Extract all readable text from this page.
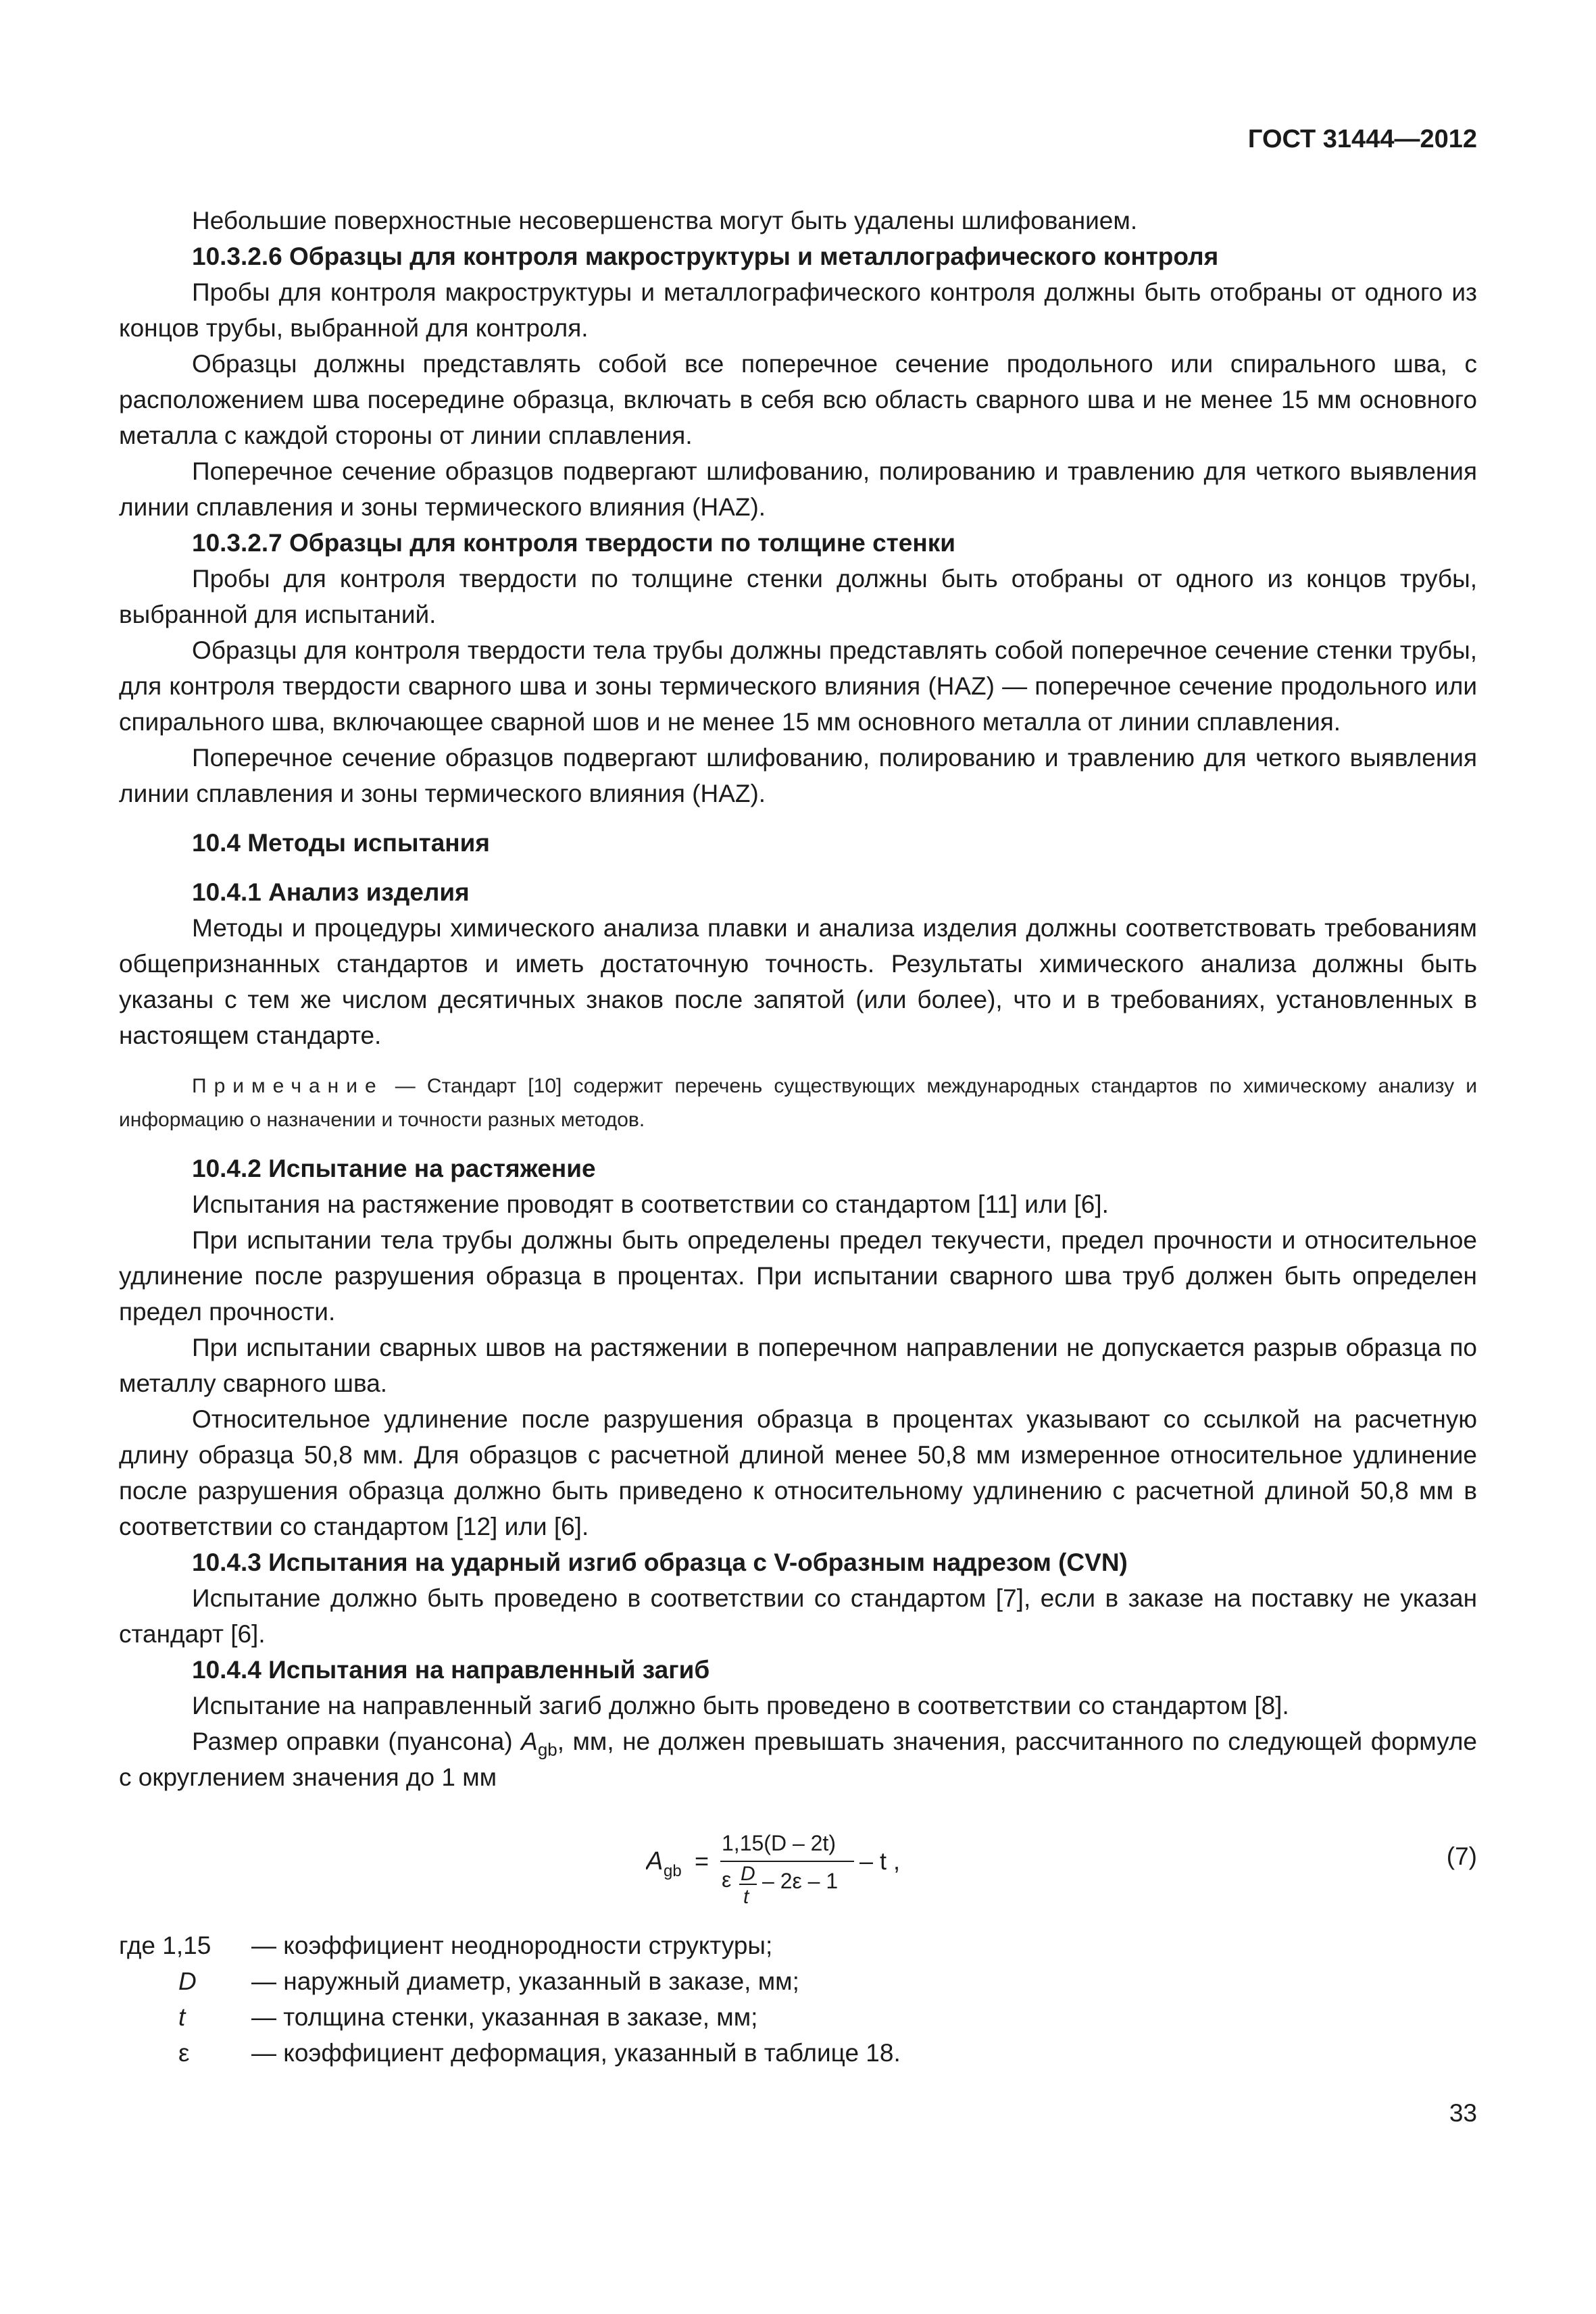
ГОСТ 31444—2012

Небольшие поверхностные несовершенства могут быть удалены шлифованием.

10.3.2.6 Образцы для контроля макроструктуры и металлографического контроля

Пробы для контроля макроструктуры и металлографического контроля должны быть отобраны от одного из концов трубы, выбранной для контроля.

Образцы должны представлять собой все поперечное сечение продольного или спирального шва, с расположением шва посередине образца, включать в себя всю область сварного шва и не менее 15 мм основного металла с каждой стороны от линии сплавления.

Поперечное сечение образцов подвергают шлифованию, полированию и травлению для четкого выявления линии сплавления и зоны термического влияния (HAZ).

10.3.2.7 Образцы для контроля твердости по толщине стенки

Пробы для контроля твердости по толщине стенки должны быть отобраны от одного из концов трубы, выбранной для испытаний.

Образцы для контроля твердости тела трубы должны представлять собой поперечное сечение стенки трубы, для контроля твердости сварного шва и зоны термического влияния (HAZ) — поперечное сечение продольного или спирального шва, включающее сварной шов и не менее 15 мм основного металла от линии сплавления.

Поперечное сечение образцов подвергают шлифованию, полированию и травлению для четкого выявления линии сплавления и зоны термического влияния (HAZ).

10.4 Методы испытания

10.4.1 Анализ изделия

Методы и процедуры химического анализа плавки и анализа изделия должны соответствовать требованиям общепризнанных стандартов и иметь достаточную точность. Результаты химического анализа должны быть указаны с тем же числом десятичных знаков после запятой (или более), что и в требованиях, установленных в настоящем стандарте.

Примечание — Стандарт [10] содержит перечень существующих международных стандартов по химическому анализу и информацию о назначении и точности разных методов.

10.4.2 Испытание на растяжение

Испытания на растяжение проводят в соответствии со стандартом [11] или [6].

При испытании тела трубы должны быть определены предел текучести, предел прочности и относительное удлинение после разрушения образца в процентах. При испытании сварного шва труб должен быть определен предел прочности.

При испытании сварных швов на растяжении в поперечном направлении не допускается разрыв образца по металлу сварного шва.

Относительное удлинение после разрушения образца в процентах указывают со ссылкой на расчетную длину образца 50,8 мм. Для образцов с расчетной длиной менее 50,8 мм измеренное относительное удлинение после разрушения образца должно быть приведено к относительному удлинению с расчетной длиной 50,8 мм в соответствии со стандартом [12] или [6].

10.4.3 Испытания на ударный изгиб образца с V-образным надрезом (CVN)

Испытание должно быть проведено в соответствии со стандартом [7], если в заказе на поставку не указан стандарт [6].

10.4.4 Испытания на направленный загиб

Испытание на направленный загиб должно быть проведено в соответствии со стандартом [8].

Размер оправки (пуансона) $A_{gb}$, мм, не должен превышать значения, рассчитанного по следующей формуле с округлением значения до 1 мм

A gb =
1,15(D – 2t)
ε D
t
– 2ε – 1
– t ,	(7)
где 1,15	— коэффициент неоднородности структуры;
D	— наружный диаметр, указанный в заказе, мм;
t	— толщина стенки, указанная в заказе, мм;
ε	— коэффициент деформация, указанный в таблице 18.
33
